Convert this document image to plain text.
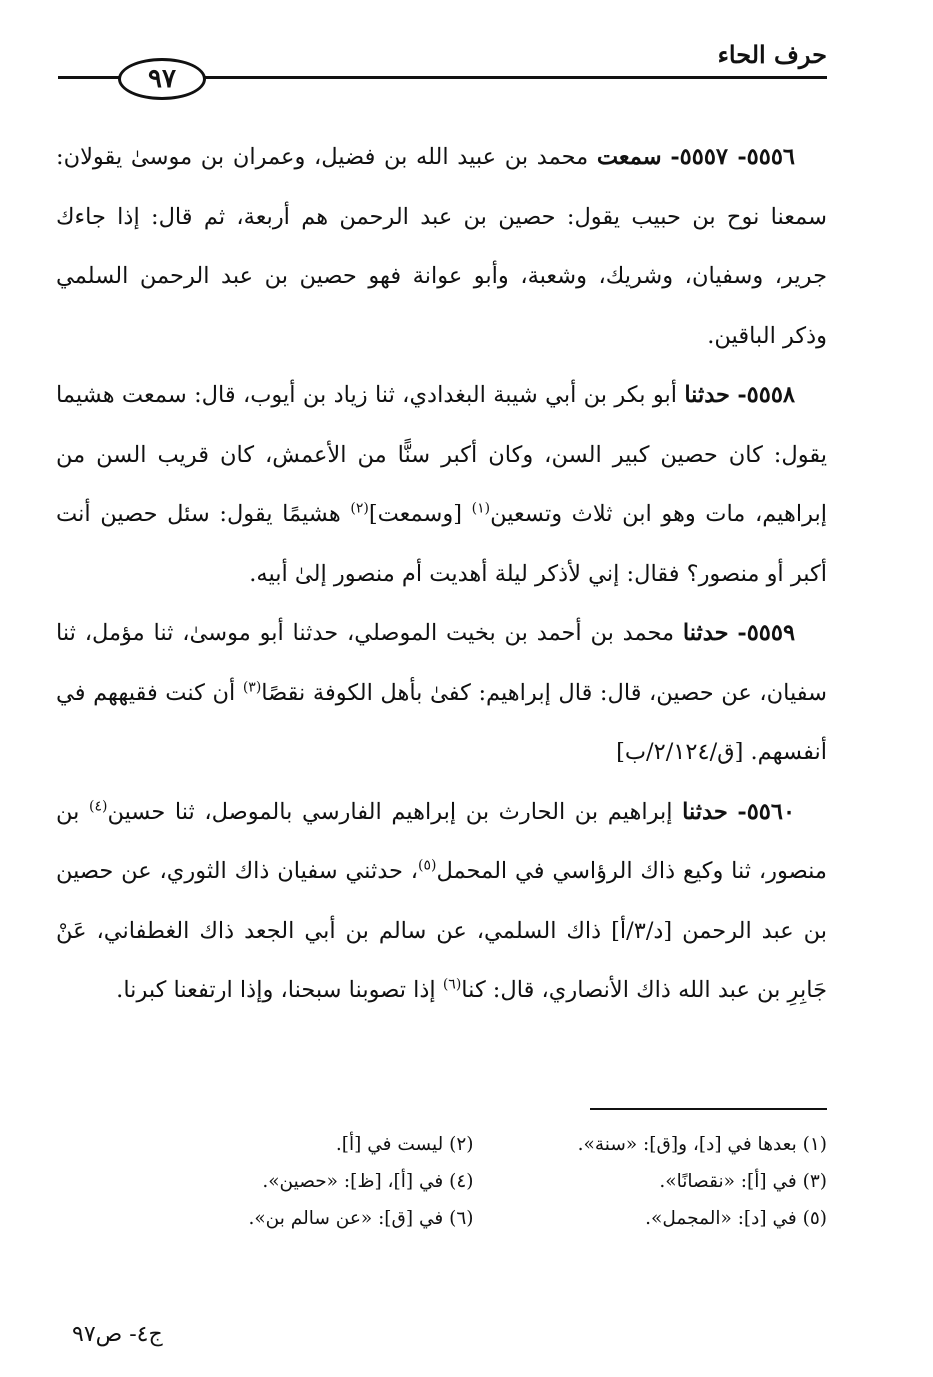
حرف الحاء
٩٧

٥٥٥٦- ٥٥٥٧- سمعت محمد بن عبيد الله بن فضيل، وعمران بن موسىٰ يقولان: سمعنا نوح بن حبيب يقول: حصين بن عبد الرحمن هم أربعة، ثم قال: إذا جاءك جرير، وسفيان، وشريك، وشعبة، وأبو عوانة فهو حصين بن عبد الرحمن السلمي وذكر الباقين.

٥٥٥٨- حدثنا أبو بكر بن أبي شيبة البغدادي، ثنا زياد بن أيوب، قال: سمعت هشيما يقول: كان حصين كبير السن، وكان أكبر سنًّا من الأعمش، كان قريب السن من إبراهيم، مات وهو ابن ثلاث وتسعين$^{(١)}$ [وسمعت]$^{(٢)}$ هشيمًا يقول: سئل حصين أنت أكبر أو منصور؟ فقال: إني لأذكر ليلة أهديت أم منصور إلىٰ أبيه.

٥٥٥٩- حدثنا محمد بن أحمد بن بخيت الموصلي، حدثنا أبو موسىٰ، ثنا مؤمل، ثنا سفيان، عن حصين، قال: قال إبراهيم: كفىٰ بأهل الكوفة نقصًا$^{(٣)}$ أن كنت فقيههم في أنفسهم. [ق/٢/١٢٤/ب]

٥٥٦٠- حدثنا إبراهيم بن الحارث بن إبراهيم الفارسي بالموصل، ثنا حسين$^{(٤)}$ بن منصور، ثنا وكيع ذاك الرؤاسي في المحمل$^{(٥)}$، حدثني سفيان ذاك الثوري، عن حصين بن عبد الرحمن [د/٣/أ] ذاك السلمي، عن سالم بن أبي الجعد ذاك الغطفاني، عَنْ جَابِرِ بن عبد الله ذاك الأنصاري، قال: كنا$^{(٦)}$ إذا تصوبنا سبحنا، وإذا ارتفعنا كبرنا.

(١) بعدها في [د]، و[ق]: «سنة».
(٢) ليست في [أ].
(٣) في [أ]: «نقصانًا».
(٤) في [أ]، [ظ]: «حصين».
(٥) في [د]: «المجمل».
(٦) في [ق]: «عن سالم بن».
ج٤- ص٩٧
